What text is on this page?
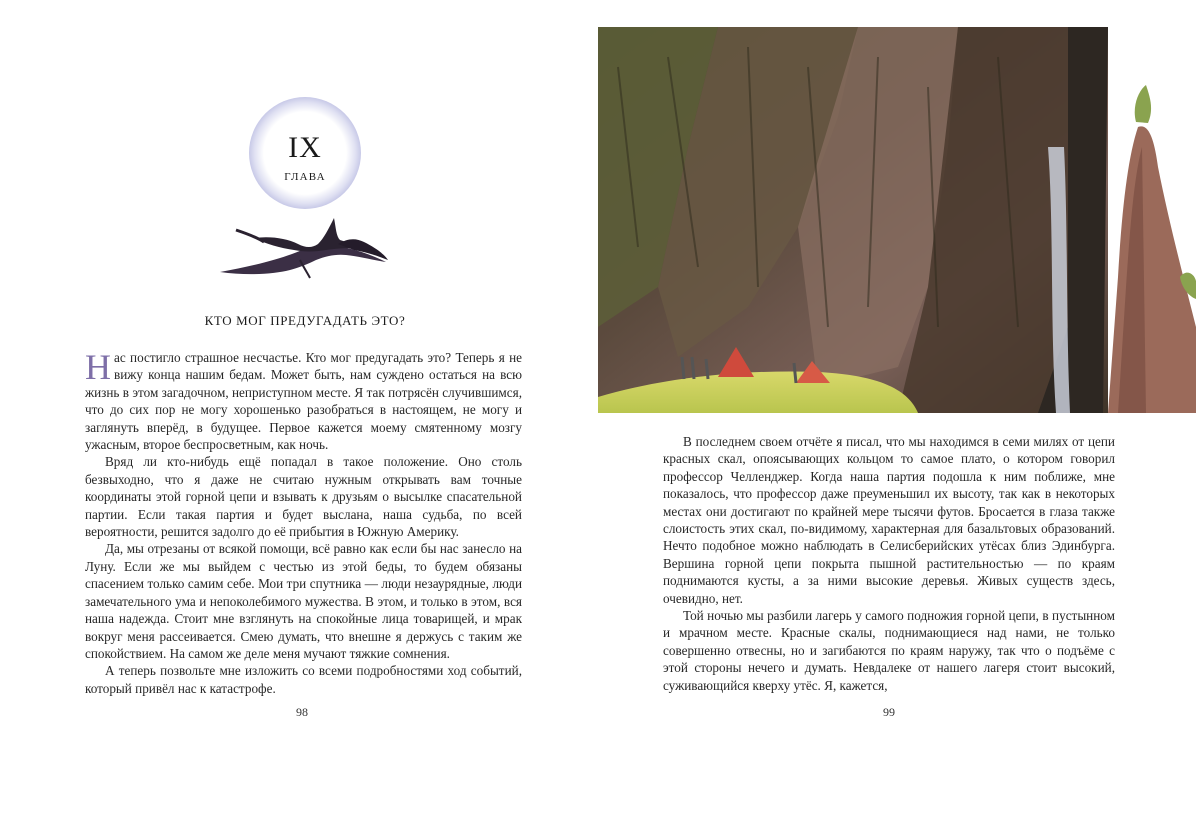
IX
ГЛАВА
КТО МОГ ПРЕДУГАДАТЬ ЭТО?

Нас постигло страшное несчастье. Кто мог предугадать это? Теперь я не вижу конца нашим бедам. Может быть, нам суждено остаться на всю жизнь в этом загадочном, неприступном месте. Я так потрясён случившимся, что до сих пор не могу хорошенько разобраться в настоящем, не могу и заглянуть вперёд, в будущее. Первое кажется моему смятенному мозгу ужасным, второе беспросветным, как ночь.

Вряд ли кто-нибудь ещё попадал в такое положение. Оно столь безвыходно, что я даже не считаю нужным открывать вам точные координаты этой горной цепи и взывать к друзьям о высылке спасательной партии. Если такая партия и будет выслана, наша судьба, по всей вероятности, решится задолго до её прибытия в Южную Америку.

Да, мы отрезаны от всякой помощи, всё равно как если бы нас занесло на Луну. Если же мы выйдем с честью из этой беды, то будем обязаны спасением только самим себе. Мои три спутника — люди незаурядные, люди замечательного ума и непоколебимого мужества. В этом, и только в этом, вся наша надежда. Стоит мне взглянуть на спокойные лица товарищей, и мрак вокруг меня рассеивается. Смею думать, что внешне я держусь с таким же спокойствием. На самом же деле меня мучают тяжкие сомнения.

А теперь позвольте мне изложить со всеми подробностями ход событий, который привёл нас к катастрофе.

98

В последнем своем отчёте я писал, что мы находимся в семи милях от цепи красных скал, опоясывающих кольцом то самое плато, о котором говорил профессор Челленджер. Когда наша партия подошла к ним поближе, мне показалось, что профессор даже преуменьшил их высоту, так как в некоторых местах они достигают по крайней мере тысячи футов. Бросается в глаза также слоистость этих скал, по-видимому, характерная для базальтовых образований. Нечто подобное можно наблюдать в Селисберийских утёсах близ Эдинбурга. Вершина горной цепи покрыта пышной растительностью — по краям поднимаются кусты, а за ними высокие деревья. Живых существ здесь, очевидно, нет.

Той ночью мы разбили лагерь у самого подножия горной цепи, в пустынном и мрачном месте. Красные скалы, поднимающиеся над нами, не только совершенно отвесны, но и загибаются по краям наружу, так что о подъёме с этой стороны нечего и думать. Невдалеке от нашего лагеря стоит высокий, суживающийся кверху утёс. Я, кажется,

99
